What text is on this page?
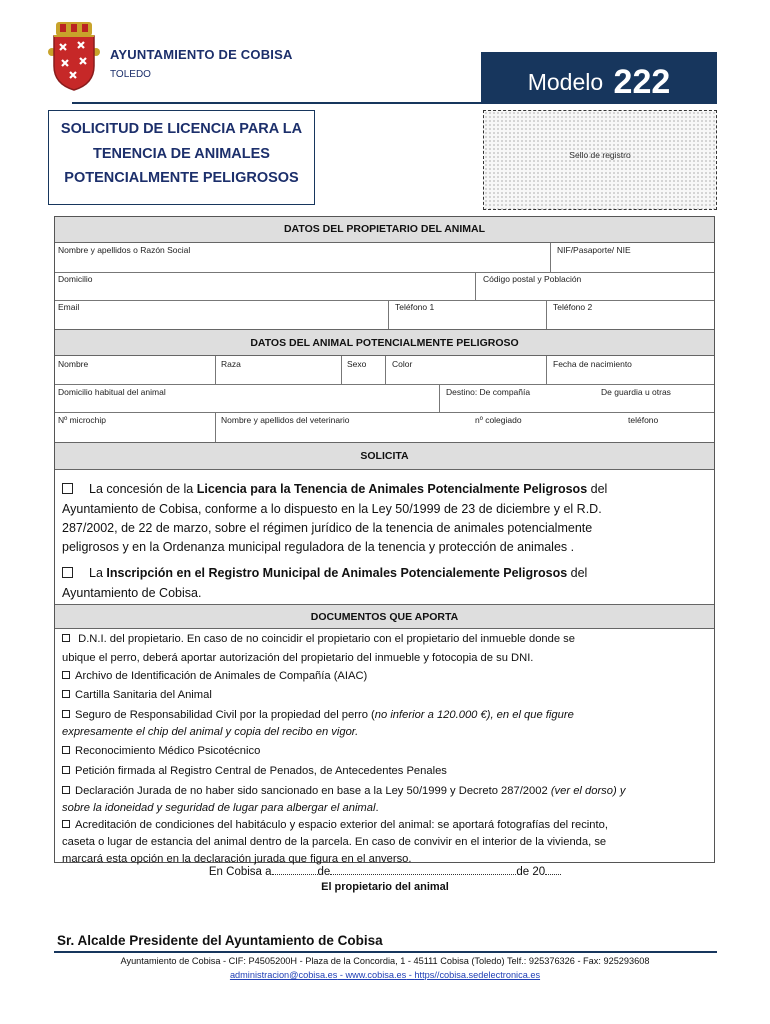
AYUNTAMIENTO DE COBISA
TOLEDO	Modelo 222
SOLICITUD DE LICENCIA PARA LA
TENENCIA DE ANIMALES
POTENCIALMENTE PELIGROSOS
Sello de registro
DATOS DEL PROPIETARIO DEL ANIMAL
Nombre y apellidos o Razón Social	NIF/Pasaporte/ NIE
Domicilio	Código postal y Población
Email	Teléfono 1	Teléfono 2
DATOS DEL ANIMAL POTENCIALMENTE PELIGROSO
Nombre	Raza	Sexo	Color	Fecha de nacimiento
Domicilio habitual del animal	Destino: De compañía	De guardia u otras
Nº microchip	Nombre y apellidos del veterinario	nº colegiado	teléfono
SOLICITA
La concesión de la Licencia para la Tenencia de Animales Potencialmente Peligrosos del
Ayuntamiento de Cobisa, conforme a lo dispuesto en la Ley 50/1999 de 23 de diciembre y el R.D.
287/2002, de 22 de marzo, sobre el régimen jurídico de la tenencia de animales potencialmente
peligrosos y en la Ordenanza municipal reguladora de la tenencia y protección de animales .
La Inscripción en el Registro Municipal de Animales Potencialemente Peligrosos del
Ayuntamiento de Cobisa.
DOCUMENTOS QUE APORTA
D.N.I. del propietario. En caso de no coincidir el propietario con el propietario del inmueble donde se
ubique el perro, deberá aportar autorización del propietario del inmueble y fotocopia de su DNI.
Archivo de Identificación de Animales de Compañía (AIAC)
Cartilla Sanitaria del Animal
Seguro de Responsabilidad Civil por la propiedad del perro (no inferior a 120.000 €), en el que figure
expresamente el chip del animal y copia del recibo en vigor.
Reconocimiento Médico Psicotécnico
Petición firmada al Registro Central de Penados, de Antecedentes Penales
Declaración Jurada de no haber sido sancionado en base a la Ley 50/1999 y Decreto 287/2002 (ver el dorso) y
sobre la idoneidad y seguridad de lugar para albergar el animal.
Acreditación de condiciones del habitáculo y espacio exterior del animal: se aportará fotografías del recinto,
caseta o lugar de estancia del animal dentro de la parcela. En caso de convivir en el interior de la vivienda, se
marcará esta opción en la declaración jurada que figura en el anverso.
En Cobisa a	de	de 20
El propietario del animal
Sr. Alcalde Presidente del Ayuntamiento de Cobisa
Ayuntamiento de Cobisa - CIF: P4505200H - Plaza de la Concordia, 1 - 45111 Cobisa (Toledo) Telf.: 925376326 - Fax: 925293608
administracion@cobisa.es - www.cobisa.es - https//cobisa.sedelectronica.es
